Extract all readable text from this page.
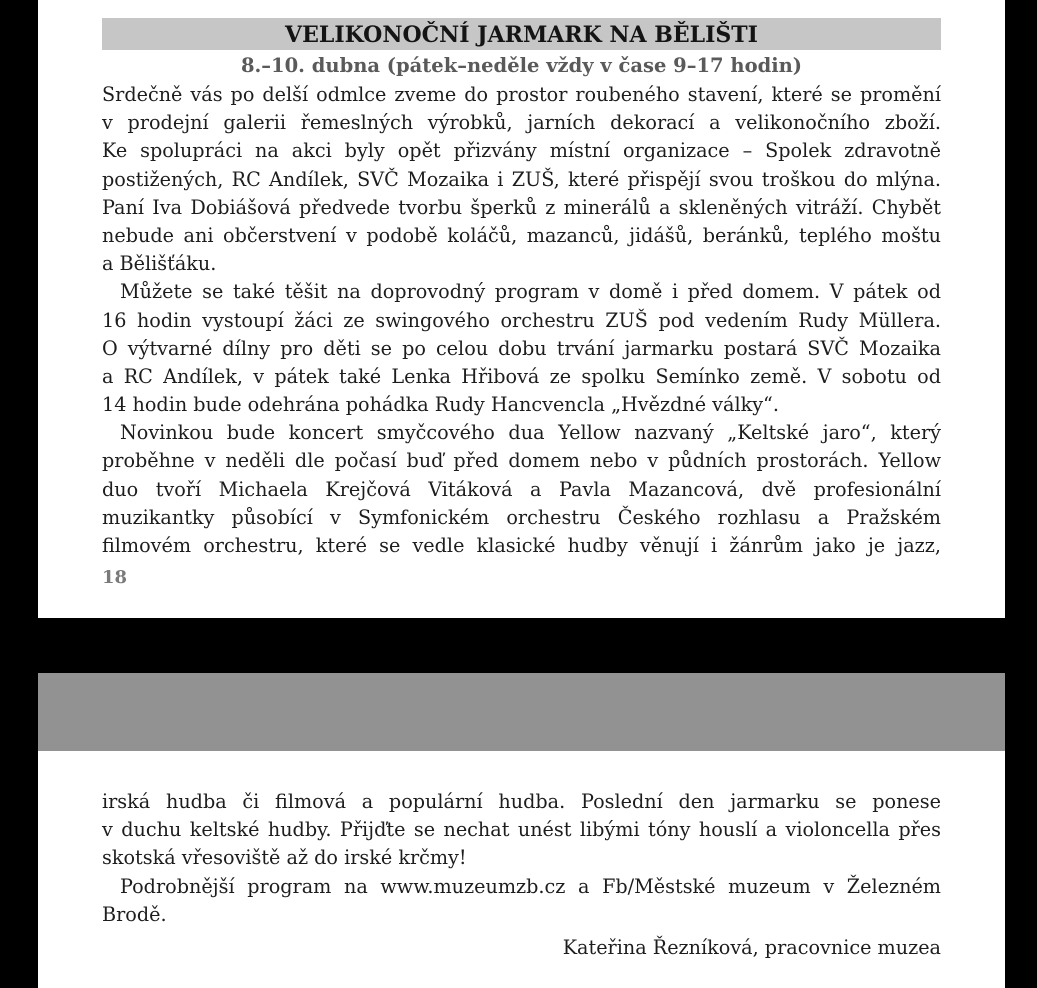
VELIKONOČNÍ JARMARK NA BĚLIŠTI
8.–10. dubna (pátek–neděle vždy v čase 9–17 hodin)
Srdečně vás po delší odmlce zveme do prostor roubeného stavení, které se promění
v prodejní galerii řemeslných výrobků, jarních dekorací a velikonočního zboží.
Ke spolupráci na akci byly opět přizvány místní organizace – Spolek zdravotně
postižených, RC Andílek, SVČ Mozaika i ZUŠ, které přispějí svou troškou do mlýna.
Paní Iva Dobiášová předvede tvorbu šperků z minerálů a skleněných vitráží. Chybět
nebude ani občerstvení v podobě koláčů, mazanců, jidášů, beránků, teplého moštu
a Bělišťáku.
Můžete se také těšit na doprovodný program v domě i před domem. V pátek od
16 hodin vystoupí žáci ze swingového orchestru ZUŠ pod vedením Rudy Müllera.
O výtvarné dílny pro děti se po celou dobu trvání jarmarku postará SVČ Mozaika
a RC Andílek, v pátek také Lenka Hřibová ze spolku Semínko země. V sobotu od
14 hodin bude odehrána pohádka Rudy Hancvencla „Hvězdné války“.
Novinkou bude koncert smyčcového dua Yellow nazvaný „Keltské jaro“, který
proběhne v neděli dle počasí buď před domem nebo v půdních prostorách. Yellow
duo tvoří Michaela Krejčová Vitáková a Pavla Mazancová, dvě profesionální
muzikantky působící v Symfonickém orchestru Českého rozhlasu a Pražském
filmovém orchestru, které se vedle klasické hudby věnují i žánrům jako je jazz,
18
irská hudba či filmová a populární hudba. Poslední den jarmarku se ponese
v duchu keltské hudby. Přijďte se nechat unést libými tóny houslí a violoncella přes
skotská vřesoviště až do irské krčmy!
Podrobnější program na www.muzeumzb.cz a Fb/Městské muzeum v Železném
Brodě.
Kateřina Řezníková, pracovnice muzea
